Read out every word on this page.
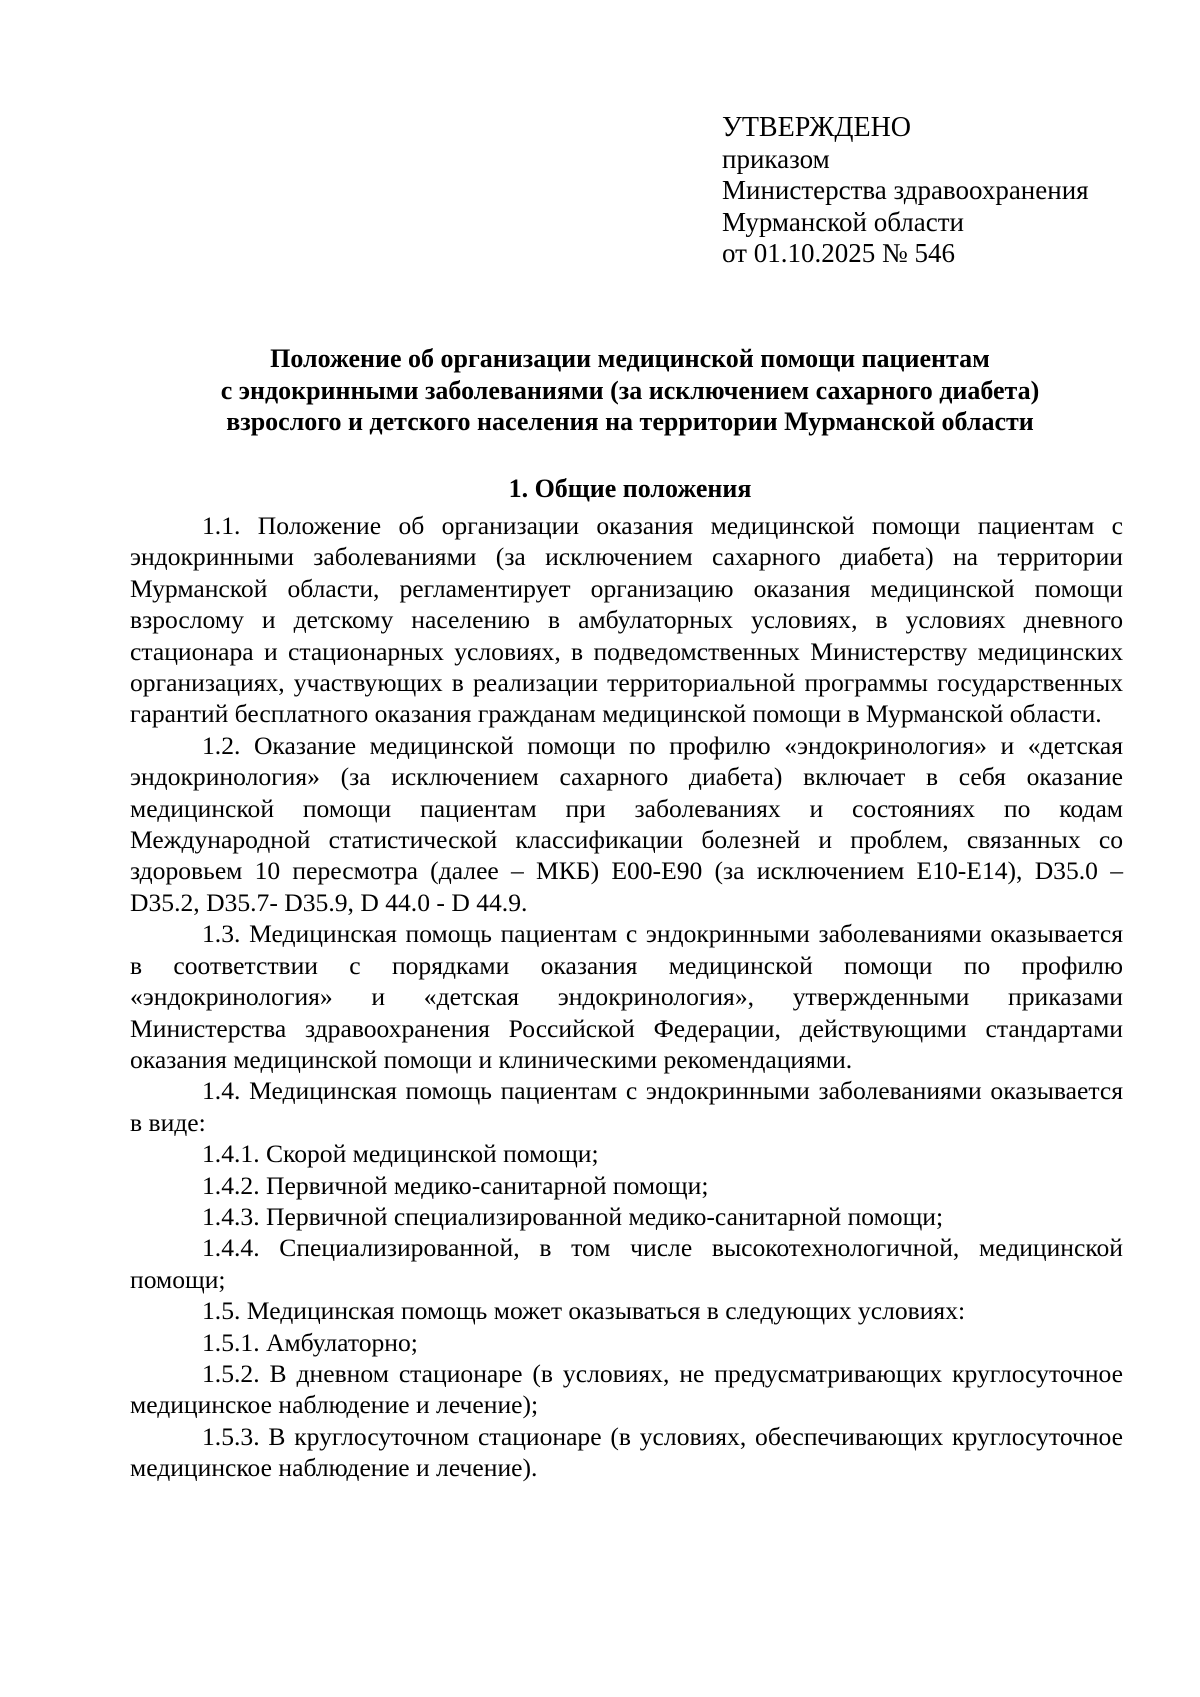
УТВЕРЖДЕНО
приказом
Министерства здравоохранения
Мурманской области
от 01.10.2025 № 546
Положение об организации медицинской помощи пациентам
с эндокринными заболеваниями (за исключением сахарного диабета)
взрослого и детского населения на территории Мурманской области
1. Общие положения

1.1. Положение об организации оказания медицинской помощи пациентам с эндокринными заболеваниями (за исключением сахарного диабета) на территории Мурманской области, регламентирует организацию оказания медицинской помощи взрослому и детскому населению в амбулаторных условиях, в условиях дневного стационара и стационарных условиях, в подведомственных Министерству медицинских организациях, участвующих в реализации территориальной программы государственных гарантий бесплатного оказания гражданам медицинской помощи в Мурманской области.

1.2. Оказание медицинской помощи по профилю «эндокринология» и «детская эндокринология» (за исключением сахарного диабета) включает в себя оказание медицинской помощи пациентам при заболеваниях и состояниях по кодам Международной статистической классификации болезней и проблем, связанных со здоровьем 10 пересмотра (далее – МКБ) E00-E90 (за исключением E10-E14), D35.0 – D35.2, D35.7- D35.9, D 44.0 - D 44.9.

1.3. Медицинская помощь пациентам с эндокринными заболеваниями оказывается в соответствии с порядками оказания медицинской помощи по профилю «эндокринология» и «детская эндокринология», утвержденными приказами Министерства здравоохранения Российской Федерации, действующими стандартами оказания медицинской помощи и клиническими рекомендациями.

1.4. Медицинская помощь пациентам с эндокринными заболеваниями оказывается в виде:

1.4.1. Скорой медицинской помощи;

1.4.2. Первичной медико-санитарной помощи;

1.4.3. Первичной специализированной медико-санитарной помощи;

1.4.4. Специализированной, в том числе высокотехнологичной, медицинской помощи;

1.5. Медицинская помощь может оказываться в следующих условиях:

1.5.1. Амбулаторно;

1.5.2. В дневном стационаре (в условиях, не предусматривающих круглосуточное медицинское наблюдение и лечение);

1.5.3. В круглосуточном стационаре (в условиях, обеспечивающих круглосуточное медицинское наблюдение и лечение).
